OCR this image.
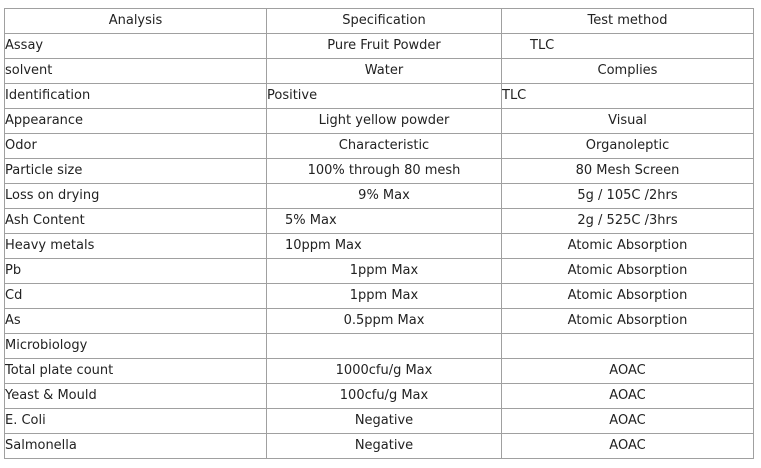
Analysis	Specification	Test method
Assay	Pure Fruit Powder	TLC
solvent	Water	Complies
Identification	Positive	TLC
Appearance	Light yellow powder	Visual
Odor	Characteristic	Organoleptic
Particle size	100% through 80 mesh	80 Mesh Screen
Loss on drying	9% Max	5g / 105C /2hrs
Ash Content	5% Max	2g / 525C /3hrs
Heavy metals	10ppm Max	Atomic Absorption
Pb	1ppm Max	Atomic Absorption
Cd	1ppm Max	Atomic Absorption
As	0.5ppm Max	Atomic Absorption
Microbiology		
Total plate count	1000cfu/g Max	AOAC
Yeast & Mould	100cfu/g Max	AOAC
E. Coli	Negative	AOAC
Salmonella	Negative	AOAC
